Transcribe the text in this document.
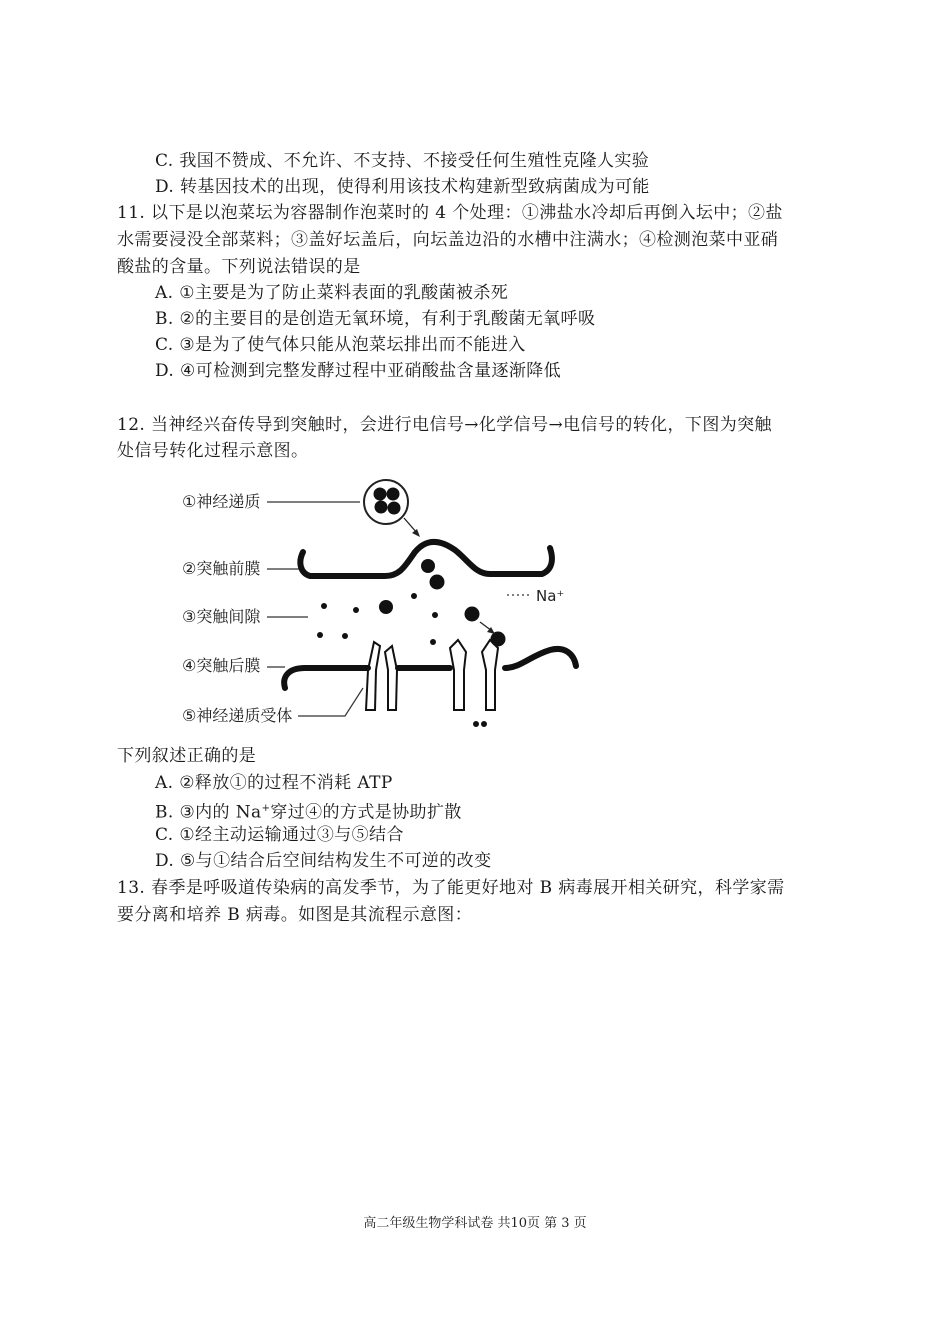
C. 我国不赞成、不允许、不支持、不接受任何生殖性克隆人实验
D. 转基因技术的出现，使得利用该技术构建新型致病菌成为可能
11. 以下是以泡菜坛为容器制作泡菜时的 4 个处理：①沸盐水冷却后再倒入坛中；②盐
水需要浸没全部菜料；③盖好坛盖后，向坛盖边沿的水槽中注满水；④检测泡菜中亚硝
酸盐的含量。下列说法错误的是
A. ①主要是为了防止菜料表面的乳酸菌被杀死
B. ②的主要目的是创造无氧环境，有利于乳酸菌无氧呼吸
C. ③是为了使气体只能从泡菜坛排出而不能进入
D. ④可检测到完整发酵过程中亚硝酸盐含量逐渐降低
12. 当神经兴奋传导到突触时，会进行电信号→化学信号→电信号的转化，下图为突触
处信号转化过程示意图。
①神经递质
②突触前膜
③突触间隙
④突触后膜
⑤神经递质受体
Na⁺
下列叙述正确的是
A. ②释放①的过程不消耗 ATP
B. ③内的 Na+穿过④的方式是协助扩散
C. ①经主动运输通过③与⑤结合
D. ⑤与①结合后空间结构发生不可逆的改变
13. 春季是呼吸道传染病的高发季节，为了能更好地对 B 病毒展开相关研究，科学家需
要分离和培养 B 病毒。如图是其流程示意图：
高二年级生物学科试卷 共10页 第 3 页
